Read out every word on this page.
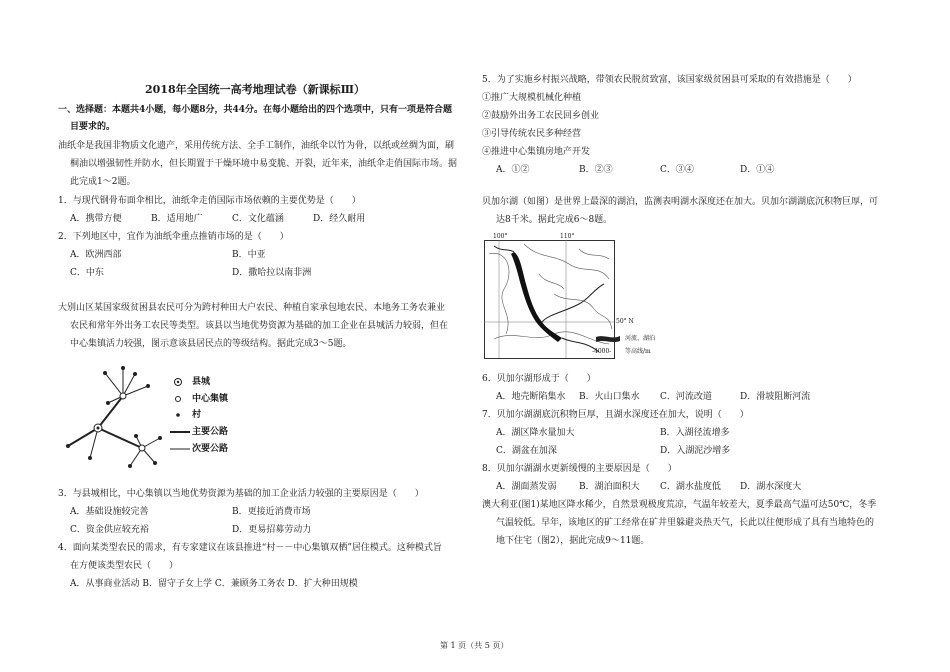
2018年全国统一高考地理试卷（新课标Ⅲ）
一、选择题：本题共4小题，每小题8分，共44分。在每小题给出的四个选项中，只有一项是符合题
目要求的。
油纸伞是我国非物质文化遗产，采用传统方法、全手工制作，油纸伞以竹为骨，以纸或丝绸为面，刷
桐油以增强韧性并防水，但长期置于干燥环境中易变脆、开裂，近年来，油纸伞走俏国际市场。据
此完成1～2题。
1．与现代钢骨布面伞相比，油纸伞走俏国际市场依赖的主要优势是（　　）
A．携带方便	B．适用地广	C．文化蕴涵	D．经久耐用
2．下列地区中，宜作为油纸伞重点推销市场的是（　　）
A．欧洲西部	B．中亚
C．中东	D．撒哈拉以南非洲
大别山区某国家级贫困县农民可分为跨村种田大户农民、种植自家承包地农民、本地务工务农兼业
农民和常年外出务工农民等类型。该县以当地优势资源为基础的加工企业在县城活力较弱，但在
中心集镇活力较强，图示意该县居民点的等级结构。据此完成3～5题。
县城
中心集镇
村
主要公路
次要公路
3．与县城相比，中心集镇以当地优势资源为基础的加工企业活力较强的主要原因是（　　）
A．基础设施较完善	B．更接近消费市场
C．资金供应较充裕	D．更易招募劳动力
4．面向某类型农民的需求，有专家建议在该县推进“村－－中心集镇双栖”居住模式。这种模式旨
在方便该类型农民（　　）
A．从事商业活动 B．留守子女上学 C．兼顾务工务农 D．扩大种田规模
5．为了实施乡村振兴战略，带领农民脱贫致富，该国家级贫困县可采取的有效措施是（　　）
①推广大规模机械化种植
②鼓励外出务工农民回乡创业
③引导传统农民多种经营
④推进中心集镇房地产开发
A．①②	B．②③	C．③④	D．①④
贝加尔湖（如图）是世界上最深的湖泊，监测表明湖水深度还在加大。贝加尔湖湖底沉积物巨厚，可
达8千米。据此完成6～8题。
100°	110°
50° N
河流、湖泊
-4000- 等高线/m
6．贝加尔湖形成于（　　）
A．地壳断陷集水 B．火山口集水 C．河流改道	D．滑坡阻断河流
7．贝加尔湖湖底沉积物巨厚，且湖水深度还在加大，说明（　　）
A．湖区降水量加大	B．入湖径流增多
C．湖盆在加深	D．入湖泥沙增多
8．贝加尔湖湖水更新缓慢的主要原因是（　　）
A．湖面蒸发弱	B．湖泊面积大 C．湖水盐度低 D．湖水深度大
澳大利亚(图1)某地区降水稀少，自然景观极度荒凉，气温年较差大，夏季最高气温可达50℃，冬季
气温较低。早年，该地区的矿工经常在矿井里躲避炎热天气，长此以往便形成了具有当地特色的
地下住宅（图2），据此完成9～11题。
第 1 页（共 5 页）
